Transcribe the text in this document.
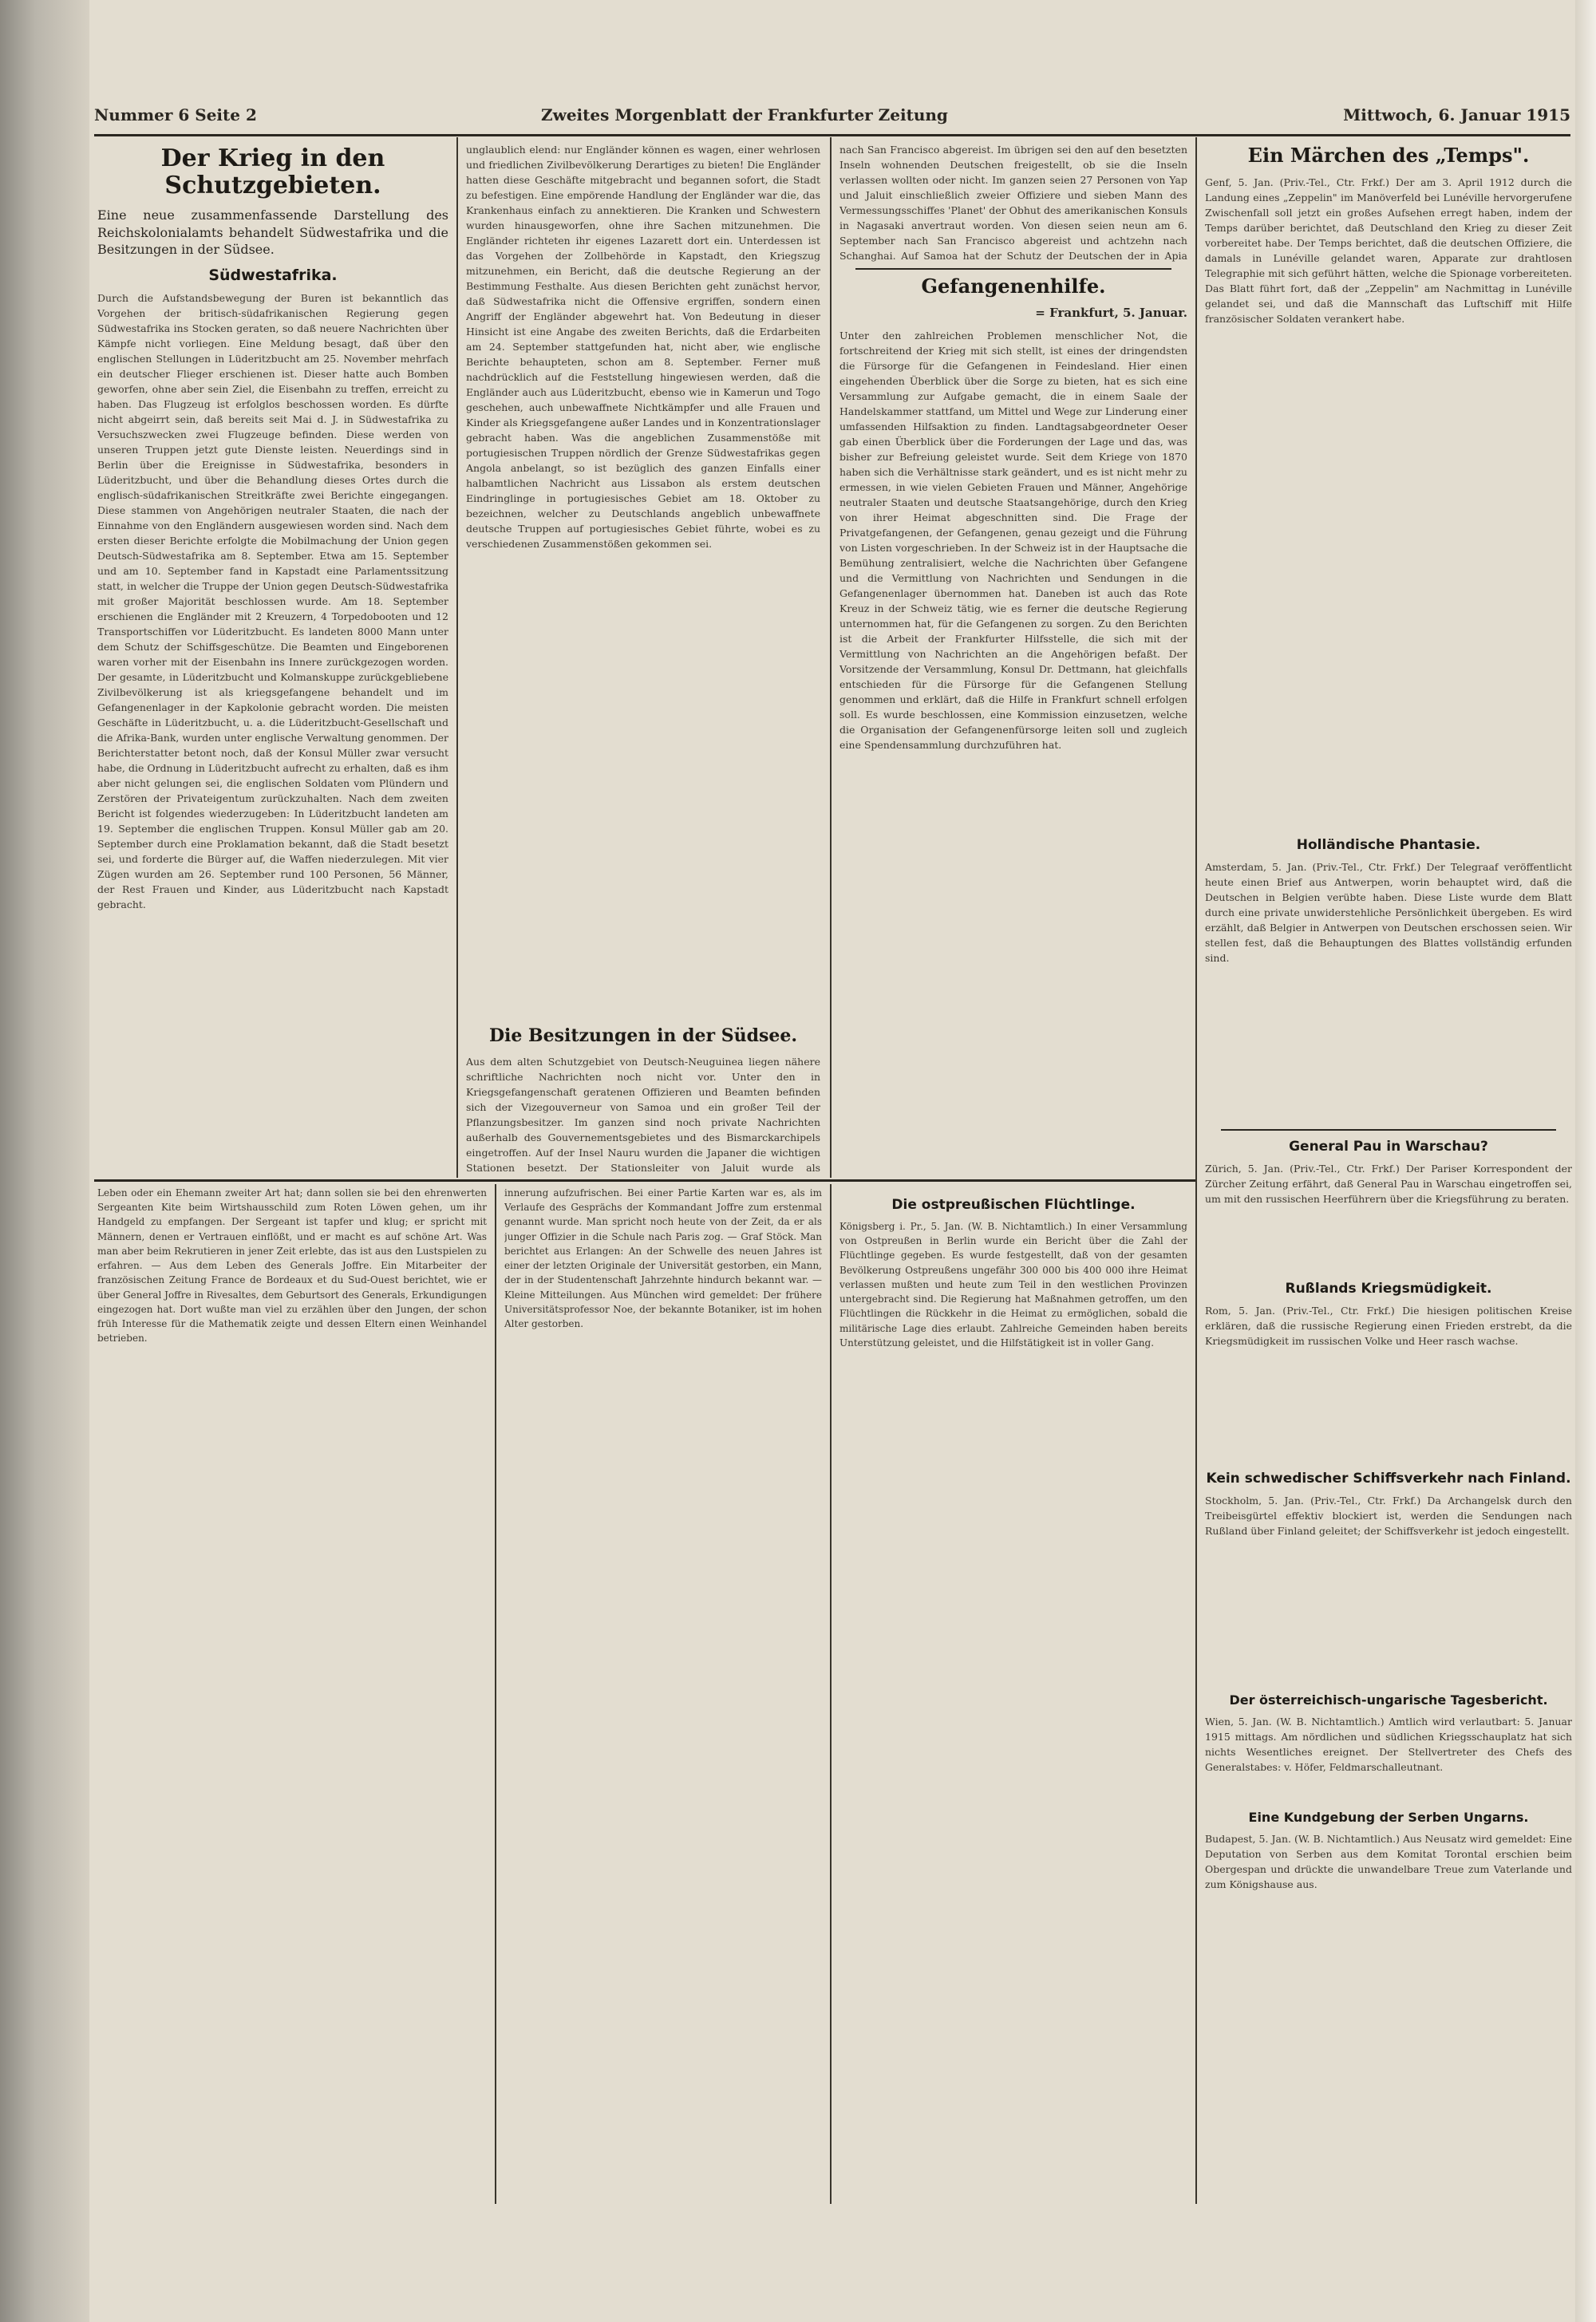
Nummer 6 Seite 2	Zweites Morgenblatt der Frankfurter Zeitung	Mittwoch, 6. Januar 1915
Der Krieg in den Schutzgebieten.

Eine neue zusammenfassende Darstellung des Reichskolonialamts behandelt Südwestafrika und die Besitzungen in der Südsee.

Südwestafrika.

Durch die Aufstandsbewegung der Buren ist bekanntlich das Vorgehen der britisch-südafrikanischen Regierung gegen Südwestafrika ins Stocken geraten, so daß neuere Nachrichten über Kämpfe nicht vorliegen. Eine Meldung besagt, daß über den englischen Stellungen in Lüderitzbucht am 25. November mehrfach ein deutscher Flieger erschienen ist. Dieser hatte auch Bomben geworfen, ohne aber sein Ziel, die Eisenbahn zu treffen, erreicht zu haben. Das Flugzeug ist erfolglos beschossen worden. Es dürfte nicht abgeirrt sein, daß bereits seit Mai d. J. in Südwestafrika zu Versuchszwecken zwei Flugzeuge befinden. Diese werden von unseren Truppen jetzt gute Dienste leisten. Neuerdings sind in Berlin über die Ereignisse in Südwestafrika, besonders in Lüderitzbucht, und über die Behandlung dieses Ortes durch die englisch-südafrikanischen Streitkräfte zwei Berichte eingegangen. Diese stammen von Angehörigen neutraler Staaten, die nach der Einnahme von den Engländern ausgewiesen worden sind. Nach dem ersten dieser Berichte erfolgte die Mobilmachung der Union gegen Deutsch-Südwestafrika am 8. September. Etwa am 15. September und am 10. September fand in Kapstadt eine Parlamentssitzung statt, in welcher die Truppe der Union gegen Deutsch-Südwestafrika mit großer Majorität beschlossen wurde. Am 18. September erschienen die Engländer mit 2 Kreuzern, 4 Torpedobooten und 12 Transportschiffen vor Lüderitzbucht. Es landeten 8000 Mann unter dem Schutz der Schiffsgeschütze. Die Beamten und Eingeborenen waren vorher mit der Eisenbahn ins Innere zurückgezogen worden. Der gesamte, in Lüderitzbucht und Kolmanskuppe zurückgebliebene Zivilbevölkerung ist als kriegsgefangene behandelt und im Gefangenenlager in der Kapkolonie gebracht worden. Die meisten Geschäfte in Lüderitzbucht, u. a. die Lüderitzbucht-Gesellschaft und die Afrika-Bank, wurden unter englische Verwaltung genommen. Der Berichterstatter betont noch, daß der Konsul Müller zwar versucht habe, die Ordnung in Lüderitzbucht aufrecht zu erhalten, daß es ihm aber nicht gelungen sei, die englischen Soldaten vom Plündern und Zerstören der Privateigentum zurückzuhalten. Nach dem zweiten Bericht ist folgendes wiederzugeben: In Lüderitzbucht landeten am 19. September die englischen Truppen. Konsul Müller gab am 20. September durch eine Proklamation bekannt, daß die Stadt besetzt sei, und forderte die Bürger auf, die Waffen niederzulegen. Mit vier Zügen wurden am 26. September rund 100 Personen, 56 Männer, der Rest Frauen und Kinder, aus Lüderitzbucht nach Kapstadt gebracht.

unglaublich elend: nur Engländer können es wagen, einer wehrlosen und friedlichen Zivilbevölkerung Derartiges zu bieten! Die Engländer hatten diese Geschäfte mitgebracht und begannen sofort, die Stadt zu befestigen. Eine empörende Handlung der Engländer war die, das Krankenhaus einfach zu annektieren. Die Kranken und Schwestern wurden hinausgeworfen, ohne ihre Sachen mitzunehmen. Die Engländer richteten ihr eigenes Lazarett dort ein. Unterdessen ist das Vorgehen der Zollbehörde in Kapstadt, den Kriegszug mitzunehmen, ein Bericht, daß die deutsche Regierung an der Bestimmung Festhalte. Aus diesen Berichten geht zunächst hervor, daß Südwestafrika nicht die Offensive ergriffen, sondern einen Angriff der Engländer abgewehrt hat. Von Bedeutung in dieser Hinsicht ist eine Angabe des zweiten Berichts, daß die Erdarbeiten am 24. September stattgefunden hat, nicht aber, wie englische Berichte behaupteten, schon am 8. September. Ferner muß nachdrücklich auf die Feststellung hingewiesen werden, daß die Engländer auch aus Lüderitzbucht, ebenso wie in Kamerun und Togo geschehen, auch unbewaffnete Nichtkämpfer und alle Frauen und Kinder als Kriegsgefangene außer Landes und in Konzentrationslager gebracht haben. Was die angeblichen Zusammenstöße mit portugiesischen Truppen nördlich der Grenze Südwestafrikas gegen Angola anbelangt, so ist bezüglich des ganzen Einfalls einer halbamtlichen Nachricht aus Lissabon als erstem deutschen Eindringlinge in portugiesisches Gebiet am 18. Oktober zu bezeichnen, welcher zu Deutschlands angeblich unbewaffnete deutsche Truppen auf portugiesisches Gebiet führte, wobei es zu verschiedenen Zusammenstößen gekommen sei.

Die Besitzungen in der Südsee.

Aus dem alten Schutzgebiet von Deutsch-Neuguinea liegen nähere schriftliche Nachrichten noch nicht vor. Unter den in Kriegsgefangenschaft geratenen Offizieren und Beamten befinden sich der Vizegouverneur von Samoa und ein großer Teil der Pflanzungsbesitzer. Im ganzen sind noch private Nachrichten außerhalb des Gouvernementsgebietes und des Bismarckarchipels eingetroffen. Auf der Insel Nauru wurden die Japaner die wichtigen Stationen besetzt. Der Stationsleiter von Jaluit wurde als

nach San Francisco abgereist. Im übrigen sei den auf den besetzten Inseln wohnenden Deutschen freigestellt, ob sie die Inseln verlassen wollten oder nicht. Im ganzen seien 27 Personen von Yap und Jaluit einschließlich zweier Offiziere und sieben Mann des Vermessungsschiffes 'Planet' der Obhut des amerikanischen Konsuls in Nagasaki anvertraut worden. Von diesen seien neun am 6. September nach San Francisco abgereist und achtzehn nach Schanghai. Auf Samoa hat der Schutz der Deutschen der in Apia

Gefangenenhilfe.
= Frankfurt, 5. Januar.

Unter den zahlreichen Problemen menschlicher Not, die fortschreitend der Krieg mit sich stellt, ist eines der dringendsten die Fürsorge für die Gefangenen in Feindesland. Hier einen eingehenden Überblick über die Sorge zu bieten, hat es sich eine Versammlung zur Aufgabe gemacht, die in einem Saale der Handelskammer stattfand, um Mittel und Wege zur Linderung einer umfassenden Hilfsaktion zu finden. Landtagsabgeordneter Oeser gab einen Überblick über die Forderungen der Lage und das, was bisher zur Befreiung geleistet wurde. Seit dem Kriege von 1870 haben sich die Verhältnisse stark geändert, und es ist nicht mehr zu ermessen, in wie vielen Gebieten Frauen und Männer, Angehörige neutraler Staaten und deutsche Staatsangehörige, durch den Krieg von ihrer Heimat abgeschnitten sind. Die Frage der Privatgefangenen, der Gefangenen, genau gezeigt und die Führung von Listen vorgeschrieben. In der Schweiz ist in der Hauptsache die Bemühung zentralisiert, welche die Nachrichten über Gefangene und die Vermittlung von Nachrichten und Sendungen in die Gefangenenlager übernommen hat. Daneben ist auch das Rote Kreuz in der Schweiz tätig, wie es ferner die deutsche Regierung unternommen hat, für die Gefangenen zu sorgen. Zu den Berichten ist die Arbeit der Frankfurter Hilfsstelle, die sich mit der Vermittlung von Nachrichten an die Angehörigen befaßt. Der Vorsitzende der Versammlung, Konsul Dr. Dettmann, hat gleichfalls entschieden für die Fürsorge für die Gefangenen Stellung genommen und erklärt, daß die Hilfe in Frankfurt schnell erfolgen soll. Es wurde beschlossen, eine Kommission einzusetzen, welche die Organisation der Gefangenenfürsorge leiten soll und zugleich eine Spendensammlung durchzuführen hat.

Ein Märchen des „Temps".

Genf, 5. Jan. (Priv.-Tel., Ctr. Frkf.) Der am 3. April 1912 durch die Landung eines „Zeppelin" im Manöverfeld bei Lunéville hervorgerufene Zwischenfall soll jetzt ein großes Aufsehen erregt haben, indem der Temps darüber berichtet, daß Deutschland den Krieg zu dieser Zeit vorbereitet habe. Der Temps berichtet, daß die deutschen Offiziere, die damals in Lunéville gelandet waren, Apparate zur drahtlosen Telegraphie mit sich geführt hätten, welche die Spionage vorbereiteten. Das Blatt führt fort, daß der „Zeppelin" am Nachmittag in Lunéville gelandet sei, und daß die Mannschaft das Luftschiff mit Hilfe französischer Soldaten verankert habe.

Holländische Phantasie.

Amsterdam, 5. Jan. (Priv.-Tel., Ctr. Frkf.) Der Telegraaf veröffentlicht heute einen Brief aus Antwerpen, worin behauptet wird, daß die Deutschen in Belgien verübte haben. Diese Liste wurde dem Blatt durch eine private unwiderstehliche Persönlichkeit übergeben. Es wird erzählt, daß Belgier in Antwerpen von Deutschen erschossen seien. Wir stellen fest, daß die Behauptungen des Blattes vollständig erfunden sind.

General Pau in Warschau?

Zürich, 5. Jan. (Priv.-Tel., Ctr. Frkf.) Der Pariser Korrespondent der Zürcher Zeitung erfährt, daß General Pau in Warschau eingetroffen sei, um mit den russischen Heerführern über die Kriegsführung zu beraten.

Rußlands Kriegsmüdigkeit.

Rom, 5. Jan. (Priv.-Tel., Ctr. Frkf.) Die hiesigen politischen Kreise erklären, daß die russische Regierung einen Frieden erstrebt, da die Kriegsmüdigkeit im russischen Volke und Heer rasch wachse.

Kein schwedischer Schiffsverkehr nach Finland.

Stockholm, 5. Jan. (Priv.-Tel., Ctr. Frkf.) Da Archangelsk durch den Treibeisgürtel effektiv blockiert ist, werden die Sendungen nach Rußland über Finland geleitet; der Schiffsverkehr ist jedoch eingestellt.

Der österreichisch-ungarische Tagesbericht.

Wien, 5. Jan. (W. B. Nichtamtlich.) Amtlich wird verlautbart: 5. Januar 1915 mittags. Am nördlichen und südlichen Kriegsschauplatz hat sich nichts Wesentliches ereignet. Der Stellvertreter des Chefs des Generalstabes: v. Höfer, Feldmarschalleutnant.

Eine Kundgebung der Serben Ungarns.

Budapest, 5. Jan. (W. B. Nichtamtlich.) Aus Neusatz wird gemeldet: Eine Deputation von Serben aus dem Komitat Torontal erschien beim Obergespan und drückte die unwandelbare Treue zum Vaterlande und zum Königshause aus.

Leben oder ein Ehemann zweiter Art hat; dann sollen sie bei den ehrenwerten Sergeanten Kite beim Wirtshausschild zum Roten Löwen gehen, um ihr Handgeld zu empfangen. Der Sergeant ist tapfer und klug; er spricht mit Männern, denen er Vertrauen einflößt, und er macht es auf schöne Art. Was man aber beim Rekrutieren in jener Zeit erlebte, das ist aus den Lustspielen zu erfahren. — Aus dem Leben des Generals Joffre. Ein Mitarbeiter der französischen Zeitung France de Bordeaux et du Sud-Ouest berichtet, wie er über General Joffre in Rivesaltes, dem Geburtsort des Generals, Erkundigungen eingezogen hat. Dort wußte man viel zu erzählen über den Jungen, der schon früh Interesse für die Mathematik zeigte und dessen Eltern einen Weinhandel betrieben.

innerung aufzufrischen. Bei einer Partie Karten war es, als im Verlaufe des Gesprächs der Kommandant Joffre zum erstenmal genannt wurde. Man spricht noch heute von der Zeit, da er als junger Offizier in die Schule nach Paris zog. — Graf Stöck. Man berichtet aus Erlangen: An der Schwelle des neuen Jahres ist einer der letzten Originale der Universität gestorben, ein Mann, der in der Studentenschaft Jahrzehnte hindurch bekannt war. — Kleine Mitteilungen. Aus München wird gemeldet: Der frühere Universitätsprofessor Noe, der bekannte Botaniker, ist im hohen Alter gestorben.

Die ostpreußischen Flüchtlinge.

Königsberg i. Pr., 5. Jan. (W. B. Nichtamtlich.) In einer Versammlung von Ostpreußen in Berlin wurde ein Bericht über die Zahl der Flüchtlinge gegeben. Es wurde festgestellt, daß von der gesamten Bevölkerung Ostpreußens ungefähr 300 000 bis 400 000 ihre Heimat verlassen mußten und heute zum Teil in den westlichen Provinzen untergebracht sind. Die Regierung hat Maßnahmen getroffen, um den Flüchtlingen die Rückkehr in die Heimat zu ermöglichen, sobald die militärische Lage dies erlaubt. Zahlreiche Gemeinden haben bereits Unterstützung geleistet, und die Hilfstätigkeit ist in voller Gang.
